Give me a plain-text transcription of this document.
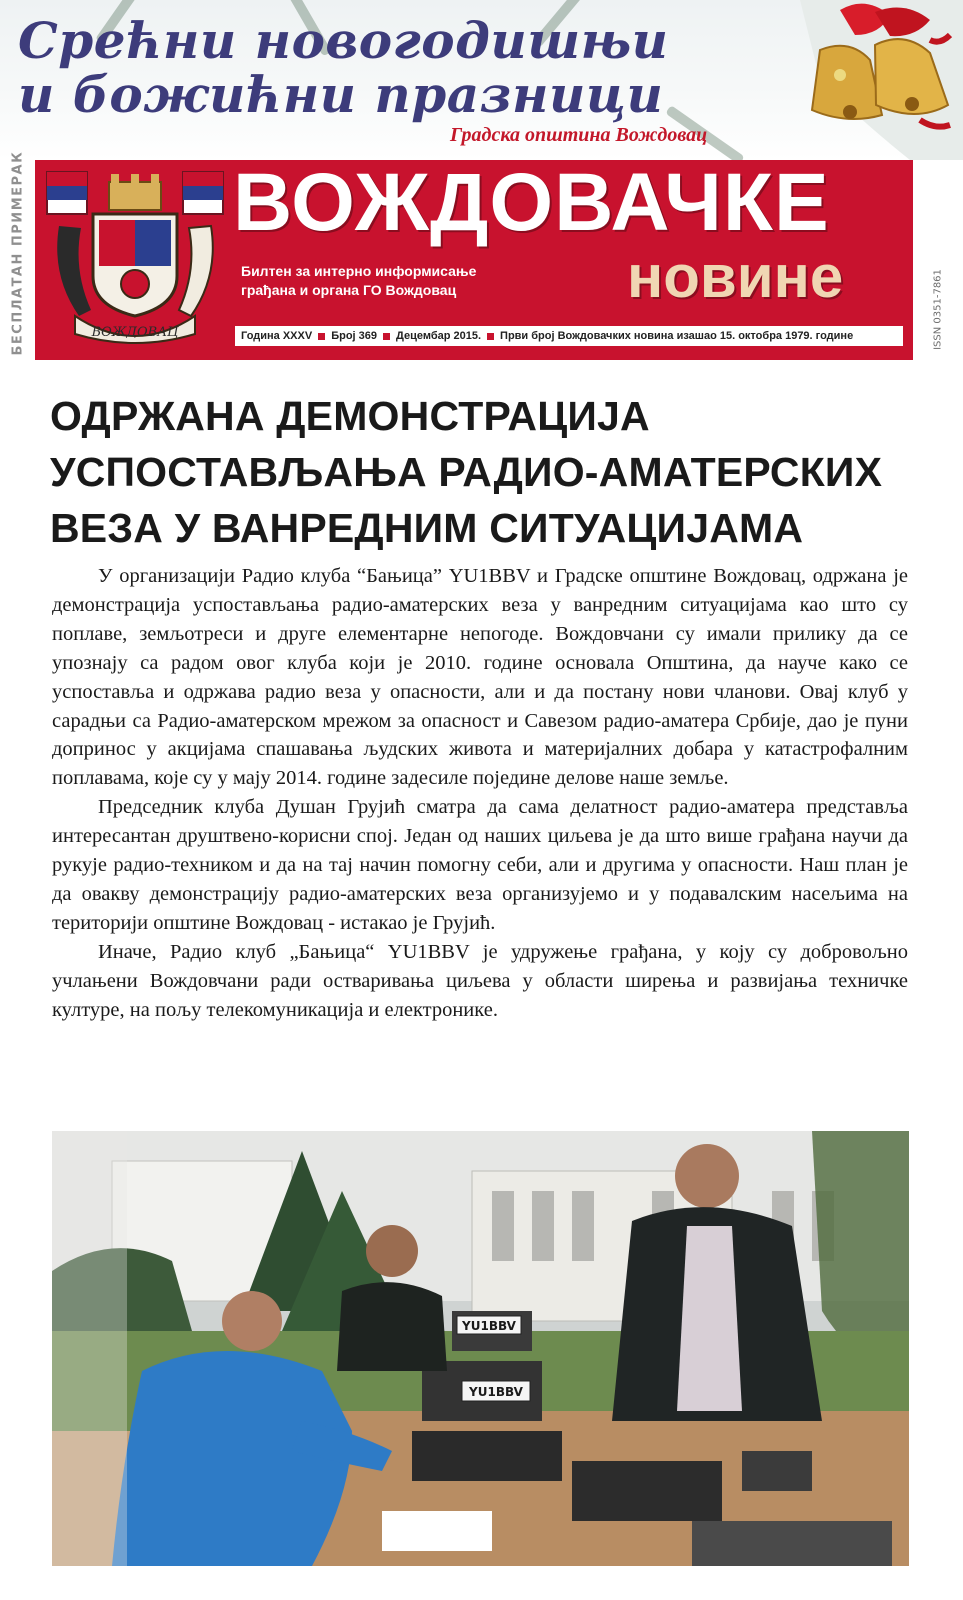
Срећни новогодишњи
и божићни празници
Градска општина Вождовац
БЕСПЛАТАН ПРИМЕРАК	ВОЖДОВАЦ
ВОЖДОВАЧКЕ
Билтен за интерно информисање
грађана и органа ГО Вождовац	новине
Година XXXV Број 369 Децембар 2015. Први број Вождовачких новина изашао 15. октобра 1979. године	ISSN 0351-7861
ОДРЖАНА ДЕМОНСТРАЦИЈА
УСПОСТАВЉАЊА РАДИО-АМАТЕРСКИХ
ВЕЗА У ВАНРЕДНИМ СИТУАЦИЈАМА

У организацији Радио клуба “Бањица” YU1BBV и Градске општине Вождовац, одржана је демонстрација успостављања радио-аматерских веза у ванредним ситуацијама као што су поплаве, земљотреси и друге елементарне непогоде. Вождовчани су имали прилику да се упознају са радом овог клуба који је 2010. године основала Општина, да науче како се успоставља и одржава радио веза у опасности, али и да постану нови чланови. Овај клуб у сарадњи са Радио-аматерском мрежом за опасност и Савезом радио-аматера Србије, дао је пуни допринос у акцијама спашавања људских живота и материјалних добара у катастрофалним поплавама, које су у мају 2014. године задесиле поједине делове наше земље.

Председник клуба Душан Грујић сматра да сама делатност радио-аматера представља интересантан друштвено-корисни спој. Један од наших циљева је да што више грађана научи да рукује радио-техником и да на тај начин помогну себи, али и другима у опасности. Наш план је да овакву демонстрацију радио-аматерских веза организујемо и у подавалским насељима на територији општине Вождовац - истакао је Грујић.

Иначе, Радио клуб „Бањица“ YU1BBV је удружење грађана, у коју су добровољно учлањени Вождовчани ради остваривања циљева у области ширења и развијања техничке културе, на пољу телекомуникација и електронике.

YU1BBV
YU1BBV
